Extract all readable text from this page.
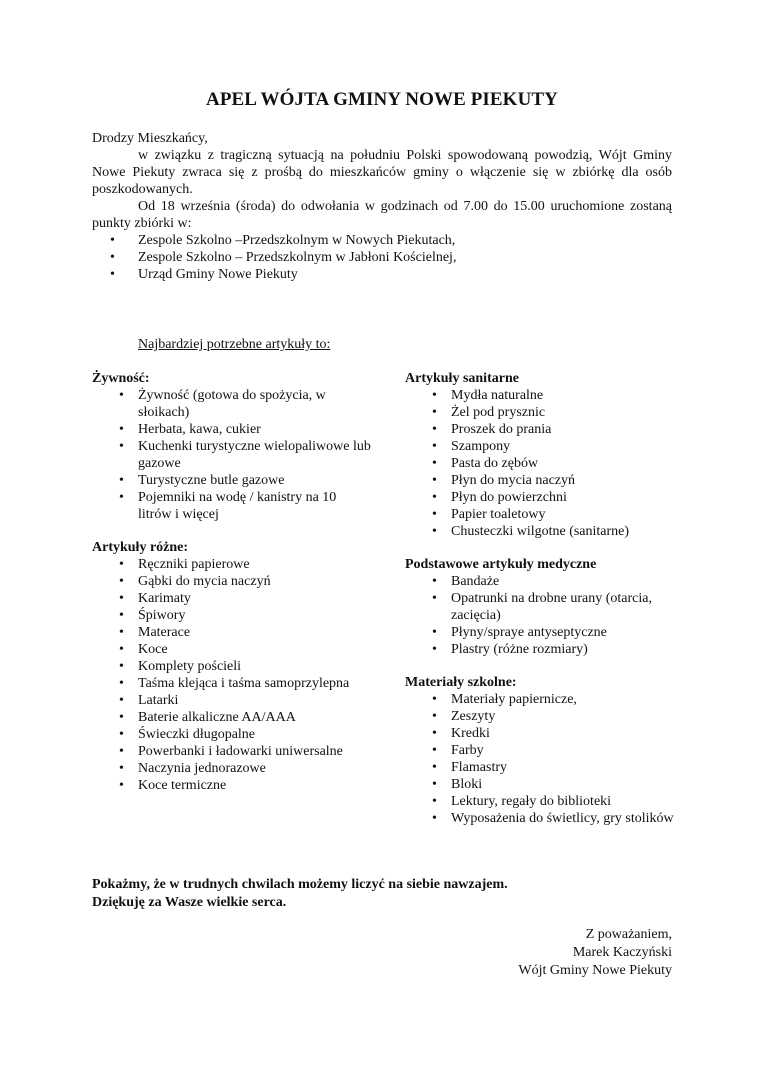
APEL WÓJTA GMINY NOWE PIEKUTY

Drodzy Mieszkańcy,

w związku z tragiczną sytuacją na południu Polski spowodowaną powodzią, Wójt Gminy Nowe Piekuty zwraca się z prośbą do mieszkańców gminy o włączenie się w zbiórkę dla osób poszkodowanych.

Od 18 września (środa) do odwołania w godzinach od 7.00 do 15.00 uruchomione zostaną punkty zbiórki w:

• Zespole Szkolno –Przedszkolnym w Nowych Piekutach,
• Zespole Szkolno – Przedszkolnym w Jabłoni Kościelnej,
• Urząd Gminy Nowe Piekuty
Najbardziej potrzebne artykuły to:
Żywność:
• Żywność (gotowa do spożycia, w słoikach)
• Herbata, kawa, cukier
• Kuchenki turystyczne wielopaliwowe lub gazowe
• Turystyczne butle gazowe
• Pojemniki na wodę / kanistry na 10 litrów i więcej
Artykuły różne:
• Ręczniki papierowe
• Gąbki do mycia naczyń
• Karimaty
• Śpiwory
• Materace
• Koce
• Komplety pościeli
• Taśma klejąca i taśma samoprzylepna
• Latarki
• Baterie alkaliczne AA/AAA
• Świeczki długopalne
• Powerbanki i ładowarki uniwersalne
• Naczynia jednorazowe
• Koce termiczne
Artykuły sanitarne
• Mydła naturalne
• Żel pod prysznic
• Proszek do prania
• Szampony
• Pasta do zębów
• Płyn do mycia naczyń
• Płyn do powierzchni
• Papier toaletowy
• Chusteczki wilgotne (sanitarne)
Podstawowe artykuły medyczne
• Bandaże
• Opatrunki na drobne urany (otarcia, zacięcia)
• Płyny/spraye antyseptyczne
• Plastry (różne rozmiary)
Materiały szkolne:
• Materiały papiernicze,
• Zeszyty
• Kredki
• Farby
• Flamastry
• Bloki
• Lektury, regały do biblioteki
• Wyposażenia do świetlicy, gry stolików
Pokażmy, że w trudnych chwilach możemy liczyć na siebie nawzajem.
Dziękuję za Wasze wielkie serca.
Z poważaniem,
Marek Kaczyński
Wójt Gminy Nowe Piekuty
